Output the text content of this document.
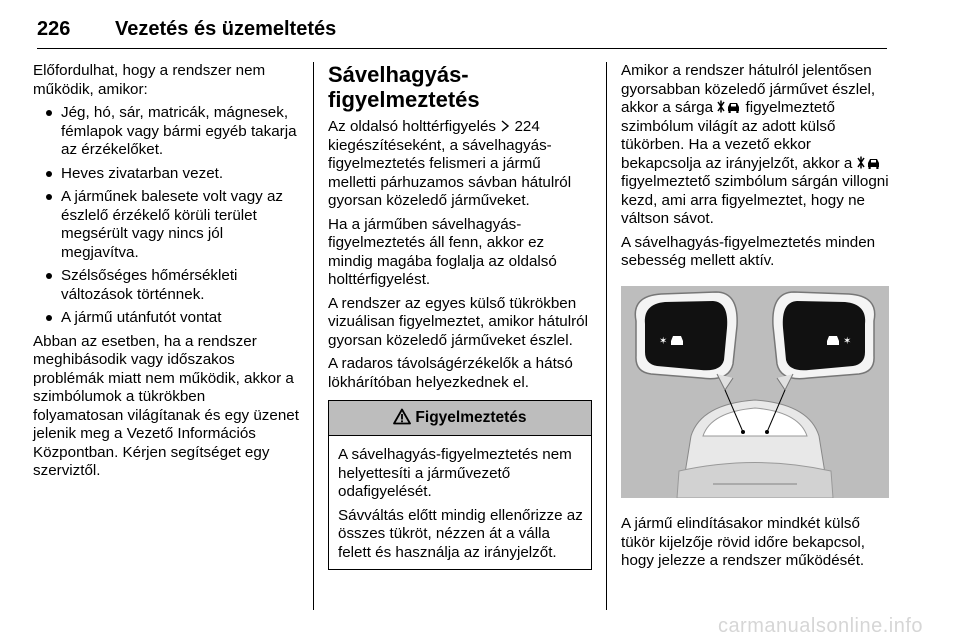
226 Vezetés és üzemeltetés

Előfordulhat, hogy a rendszer nem működik, amikor:

Jég, hó, sár, matricák, mágnesek, fémlapok vagy bármi egyéb takarja az érzékelőket.
Heves zivatarban vezet.
A járműnek balesete volt vagy az észlelő érzékelő körüli terület megsérült vagy nincs jól megjavítva.
Szélsőséges hőmérsékleti változások történnek.
A jármű utánfutót vontat

Abban az esetben, ha a rendszer meghibásodik vagy időszakos problémák miatt nem működik, akkor a szimbólumok a tükrökben folyamatosan világítanak és egy üzenet jelenik meg a Vezető Információs Központban. Kérjen segítséget egy szerviztől.

Sávelhagyás-figyelmeztetés

Az oldalsó holttérfigyelés  224 kiegészítéseként, a sávelhagyás-figyelmeztetés felismeri a jármű melletti párhuzamos sávban hátulról gyorsan közeledő járműveket.

Ha a járműben sávelhagyás-figyelmeztetés áll fenn, akkor ez mindig magába foglalja az oldalsó holttérfigyelést.

A rendszer az egyes külső tükrökben vizuálisan figyelmeztet, amikor hátulról gyorsan közeledő járműveket észlel.

A radaros távolságérzékelők a hátsó lökhárítóban helyezkednek el.

Figyelmeztetés

A sávelhagyás-figyelmeztetés nem helyettesíti a járművezető odafigyelését.

Sávváltás előtt mindig ellenőrizze az összes tükröt, nézzen át a válla felett és használja az irányjelzőt.

Amikor a rendszer hátulról jelentősen gyorsabban közeledő járművet észlel, akkor a sárga  figyelmeztető szimbólum világít az adott külső tükörben. Ha a vezető ekkor bekapcsolja az irányjelzőt, akkor a  figyelmeztető szimbólum sárgán villogni kezd, ami arra figyelmeztet, hogy ne váltson sávot.

A sávelhagyás-figyelmeztetés minden sebesség mellett aktív.

✶	✶

A jármű elindításakor mindkét külső tükör kijelzője rövid időre bekapcsol, hogy jelezze a rendszer működését.

carmanualsonline.info
